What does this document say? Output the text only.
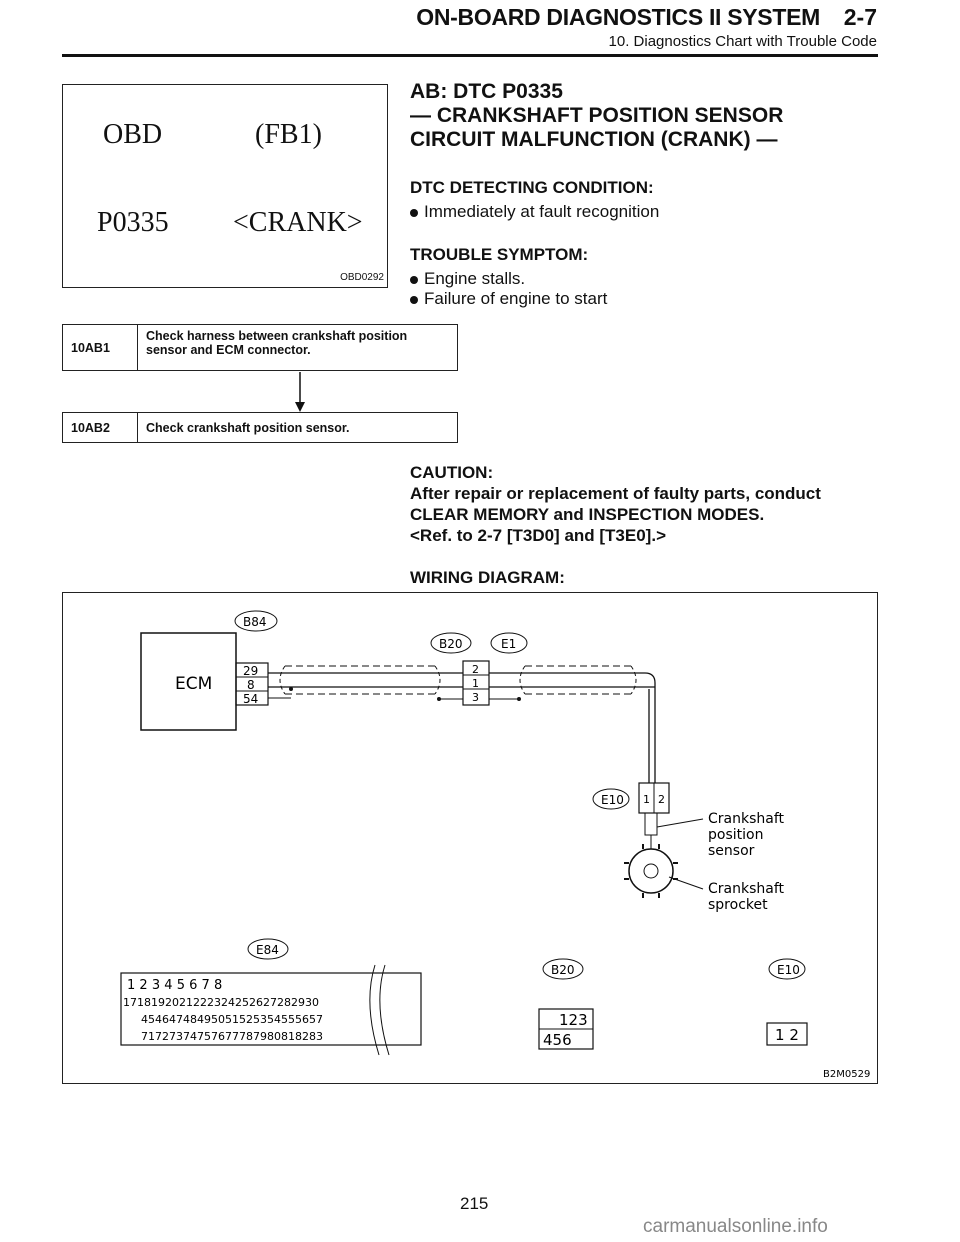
ON-BOARD DIAGNOSTICS II SYSTEM	2-7
10. Diagnostics Chart with Trouble Code
OBD	(FB1)
P0335 <CRANK>
OBD0292
AB: DTC P0335
— CRANKSHAFT POSITION SENSOR
CIRCUIT MALFUNCTION (CRANK) —
DTC DETECTING CONDITION:
Immediately at fault recognition
TROUBLE SYMPTOM:
Engine stalls.
Failure of engine to start
10AB1	Check harness between crankshaft position sensor and ECM connector.
10AB2	Check crankshaft position sensor.
CAUTION:
After repair or replacement of faulty parts, conduct
CLEAR MEMORY and INSPECTION MODES.
<Ref. to 2-7 [T3D0] and [T3E0].>
WIRING DIAGRAM:
ECM
29
8
54
B84
B20	E1
2
1
3
E10 1 2
Crankshaft
position
sensor
Crankshaft
sprocket
E84
1 2 3 4 5 6 7 8
1718192021222324252627282930
45464748495051525354555657
71727374757677787980818283
B20
123
456
E10
1 2
B2M0529
215
carmanualsonline.info
